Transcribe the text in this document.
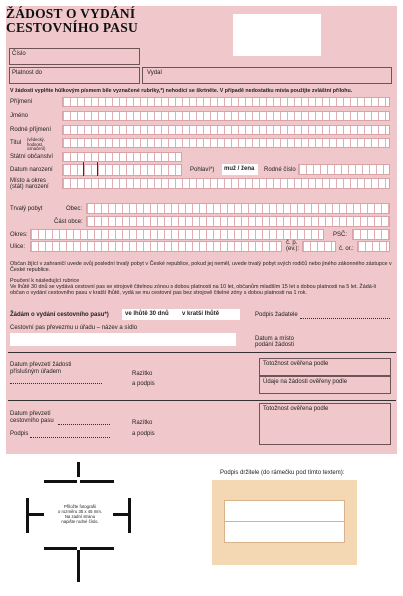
ŽÁDOST O VYDÁNÍ
CESTOVNÍHO PASU
Číslo
Platnost do	Vydal
V žádosti vyplňte hůlkovým písmem bíle vyznačené rubriky,*) nehodící se škrtněte. V případě nedostatku místa použijte zvláštní přílohu.
Příjmení
Jméno
Rodné příjmení
Titul
(vědecký, hodnost, označení)
Státní občanství
Datum narození	Pohlaví*)	muž / žena	Rodné číslo
Místo a okres
(stát) narození
Trvalý pobyt	Obec:
Část obce:
Okres:	PSČ:
Ulice:
č. p.
(ev.):	č. or.:
Občan žijící v zahraničí uvede svůj poslední trvalý pobyt v České republice, pokud jej neměl, uvede trvalý pobyt svých rodičů nebo jiného zákonného zástupce v České republice.
Poučení k následující rubrice
Ve lhůtě 30 dnů se vydává cestovní pas se strojově čitelnou zónou s dobou platnosti na 10 let, občanům mladším 15 let s dobou platnosti na 5 let. Žádá-li občan o vydání cestovního pasu v kratší lhůtě, vydá se mu cestovní pas bez strojově čitelné zóny s dobou platnosti na 1 rok.
Žádám o vydání cestovního pasu*)	ve lhůtě 30 dnů v kratší lhůtě	Podpis žadatele
Cestovní pas převezmu u úřadu – název a sídlo
Datum a místo
podání žádosti
Datum převzetí žádosti
příslušným úřadem	Razítko
a podpis
Totožnost ověřena podle
Údaje na žádosti ověřeny podle
Datum převzetí
cestovního pasu
Podpis
Razítko
a podpis
Totožnost ověřena podle
Přiložte fotografii
o rozměru 35 x 45 mm.
Na zadní stranu
napište rodné číslo.
Podpis držitele (do rámečku pod tímto textem):
